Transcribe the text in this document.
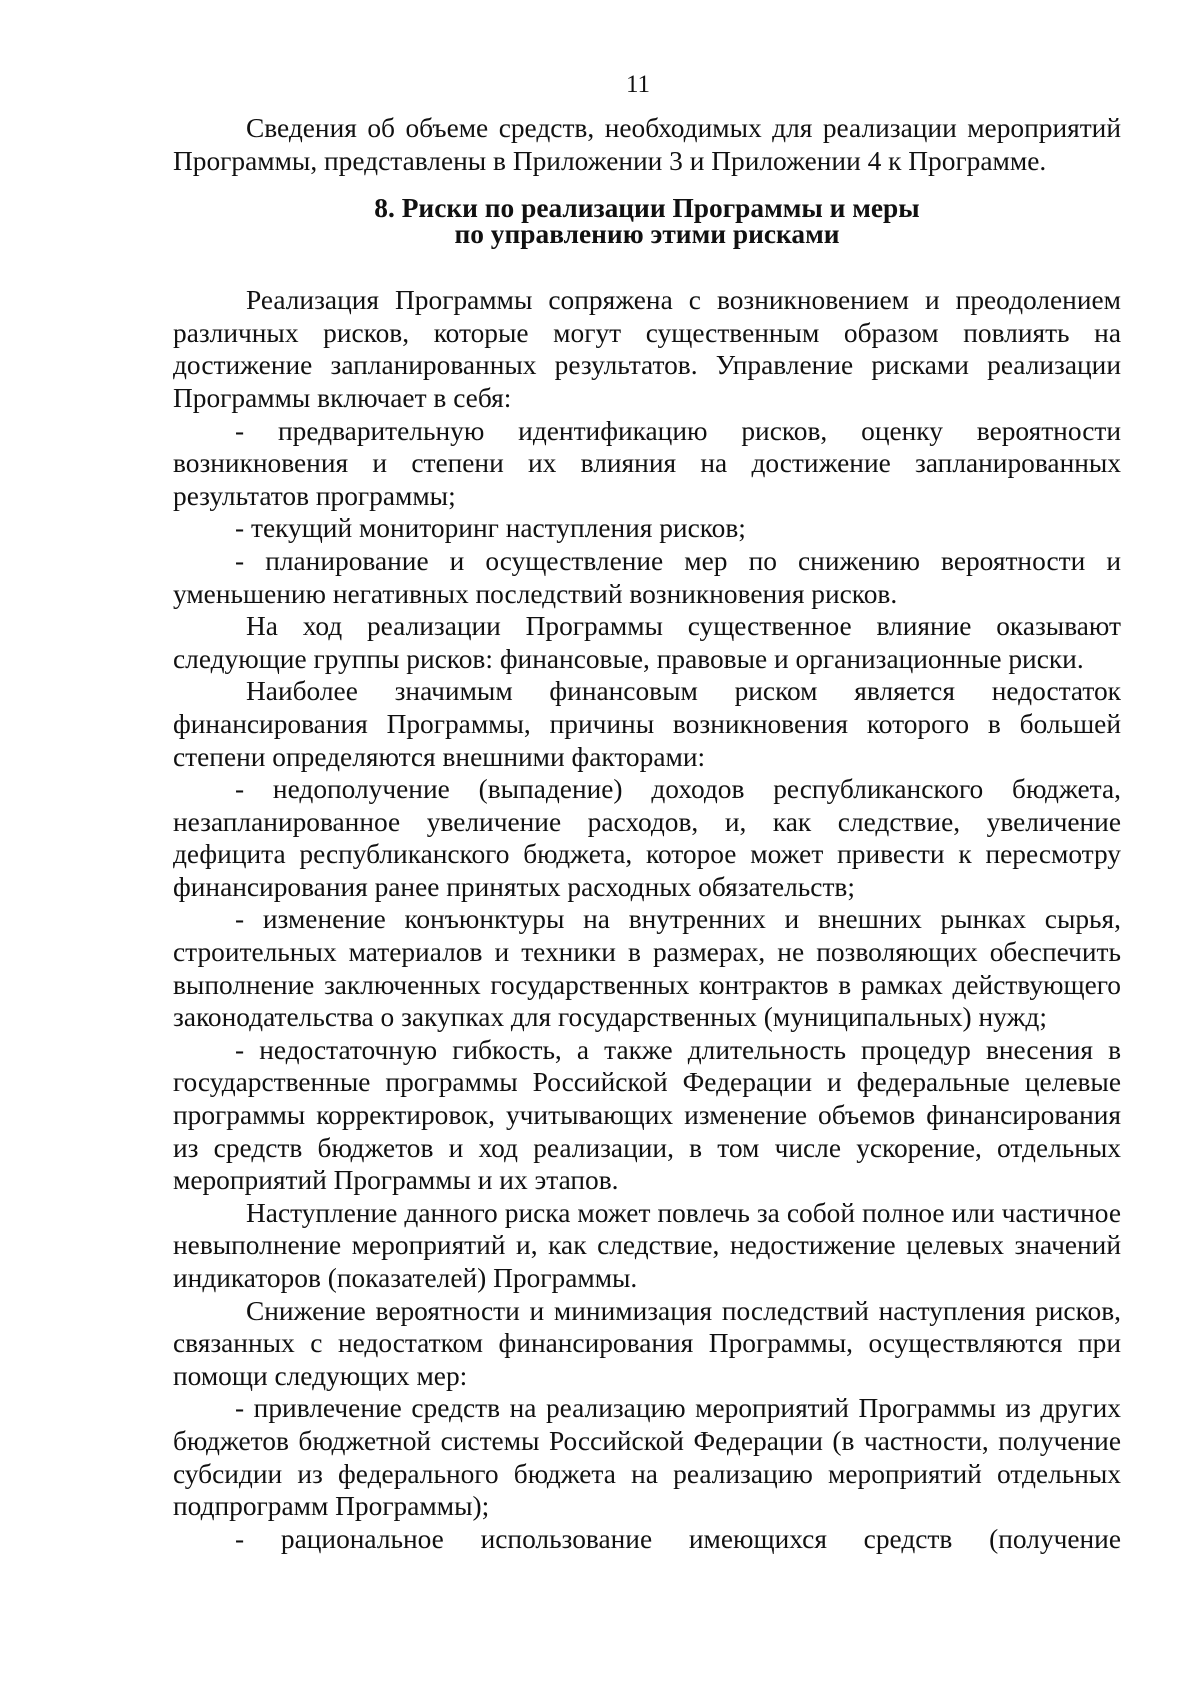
11

Сведения об объеме средств, необходимых для реализации мероприятий Программы, представлены в Приложении 3 и Приложении 4 к Программе.

8. Риски по реализации Программы и меры

по управлению этими рисками

Реализация Программы сопряжена с возникновением и преодолением различных рисков, которые могут существенным образом повлиять на достижение запланированных результатов. Управление рисками реализации Программы включает в себя:

- предварительную идентификацию рисков, оценку вероятности возникновения и степени их влияния на достижение запланированных результатов программы;

- текущий мониторинг наступления рисков;

- планирование и осуществление мер по снижению вероятности и уменьшению негативных последствий возникновения рисков.

На ход реализации Программы существенное влияние оказывают следующие группы рисков: финансовые, правовые и организационные риски.

Наиболее значимым финансовым риском является недостаток финансирования Программы, причины возникновения которого в большей степени определяются внешними факторами:

- недополучение (выпадение) доходов республиканского бюджета, незапланированное увеличение расходов, и, как следствие, увеличение дефицита республиканского бюджета, которое может привести к пересмотру финансирования ранее принятых расходных обязательств;

- изменение конъюнктуры на внутренних и внешних рынках сырья, строительных материалов и техники в размерах, не позволяющих обеспечить выполнение заключенных государственных контрактов в рамках действующего законодательства о закупках для государственных (муниципальных) нужд;

- недостаточную гибкость, а также длительность процедур внесения в государственные программы Российской Федерации и федеральные целевые программы корректировок, учитывающих изменение объемов финансирования из средств бюджетов и ход реализации, в том числе ускорение, отдельных мероприятий Программы и их этапов.

Наступление данного риска может повлечь за собой полное или частичное невыполнение мероприятий и, как следствие, недостижение целевых значений индикаторов (показателей) Программы.

Снижение вероятности и минимизация последствий наступления рисков, связанных с недостатком финансирования Программы, осуществляются при помощи следующих мер:

- привлечение средств на реализацию мероприятий Программы из других бюджетов бюджетной системы Российской Федерации (в частности, получение субсидии из федерального бюджета на реализацию мероприятий отдельных подпрограмм Программы);

- рациональное использование имеющихся средств (получение
